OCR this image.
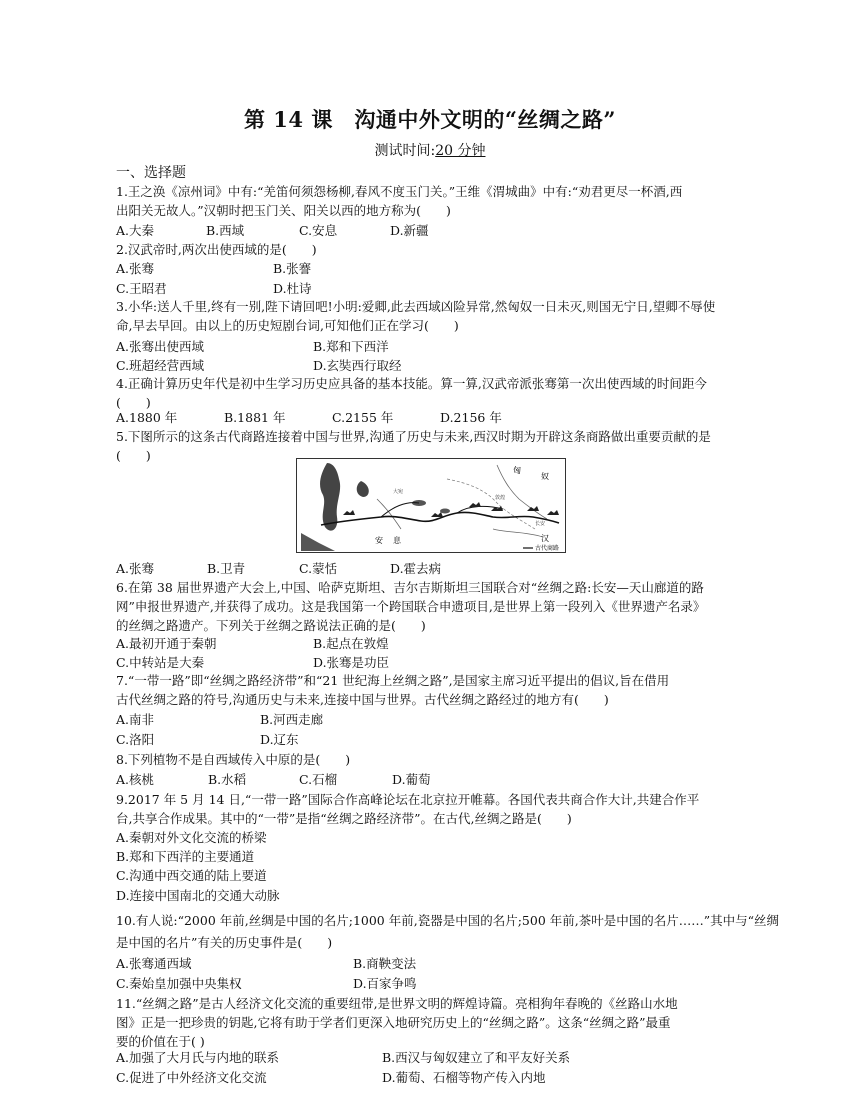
第 14 课　沟通中外文明的“丝绸之路”
测试时间:20 分钟
一、选择题

1.王之涣《凉州词》中有:“羌笛何须怨杨柳,春风不度玉门关。”王维《渭城曲》中有:“劝君更尽一杯酒,西

出阳关无故人。”汉朝时把玉门关、阳关以西的地方称为(　　)

A.大秦	B.西域	C.安息	D.新疆

2.汉武帝时,两次出使西域的是(　　)

A.张骞	B.张謇
C.王昭君	D.杜诗

3.小华:送人千里,终有一别,陛下请回吧!小明:爱卿,此去西域凶险异常,然匈奴一日未灭,则国无宁日,望卿不辱使

命,早去早回。由以上的历史短剧台词,可知他们正在学习(　　)

A.张骞出使西域	B.郑和下西洋
C.班超经营西域	D.玄奘西行取经

4.正确计算历史年代是初中生学习历史应具备的基本技能。算一算,汉武帝派张骞第一次出使西域的时间距今

(　　)

A.1880 年	B.1881 年	C.2155 年	D.2156 年

5.下图所示的这条古代商路连接着中国与世界,沟通了历史与未来,西汉时期为开辟这条商路做出重要贡献的是

(　　)

匈
奴
安息	汉
大宛
敦煌
长安
古代商路
A.张骞	B.卫青	C.蒙恬	D.霍去病

6.在第 38 届世界遗产大会上,中国、哈萨克斯坦、吉尔吉斯斯坦三国联合对“丝绸之路:长安—天山廊道的路

网”申报世界遗产,并获得了成功。这是我国第一个跨国联合申遗项目,是世界上第一段列入《世界遗产名录》

的丝绸之路遗产。下列关于丝绸之路说法正确的是(　　)

A.最初开通于秦朝	B.起点在敦煌
C.中转站是大秦	D.张骞是功臣

7.“一带一路”即“丝绸之路经济带”和“21 世纪海上丝绸之路”,是国家主席习近平提出的倡议,旨在借用

古代丝绸之路的符号,沟通历史与未来,连接中国与世界。古代丝绸之路经过的地方有(　　)

A.南非	B.河西走廊
C.洛阳	D.辽东

8.下列植物不是自西域传入中原的是(　　)

A.核桃	B.水稻	C.石榴	D.葡萄

9.2017 年 5 月 14 日,“一带一路”国际合作高峰论坛在北京拉开帷幕。各国代表共商合作大计,共建合作平

台,共享合作成果。其中的“一带”是指“丝绸之路经济带”。在古代,丝绸之路是(　　)

A.秦朝对外文化交流的桥梁
B.郑和下西洋的主要通道
C.沟通中西交通的陆上要道
D.连接中国南北的交通大动脉

10.有人说:“2000 年前,丝绸是中国的名片;1000 年前,瓷器是中国的名片;500 年前,茶叶是中国的名片……”其中与“丝绸

是中国的名片”有关的历史事件是(　　)

A.张骞通西域	B.商鞅变法
C.秦始皇加强中央集权	D.百家争鸣

11.“丝绸之路”是古人经济文化交流的重要纽带,是世界文明的辉煌诗篇。亮相狗年春晚的《丝路山水地

图》正是一把珍贵的钥匙,它将有助于学者们更深入地研究历史上的“丝绸之路”。这条“丝绸之路”最重

要的价值在于( )

A.加强了大月氏与内地的联系	B.西汉与匈奴建立了和平友好关系
C.促进了中外经济文化交流	D.葡萄、石榴等物产传入内地
